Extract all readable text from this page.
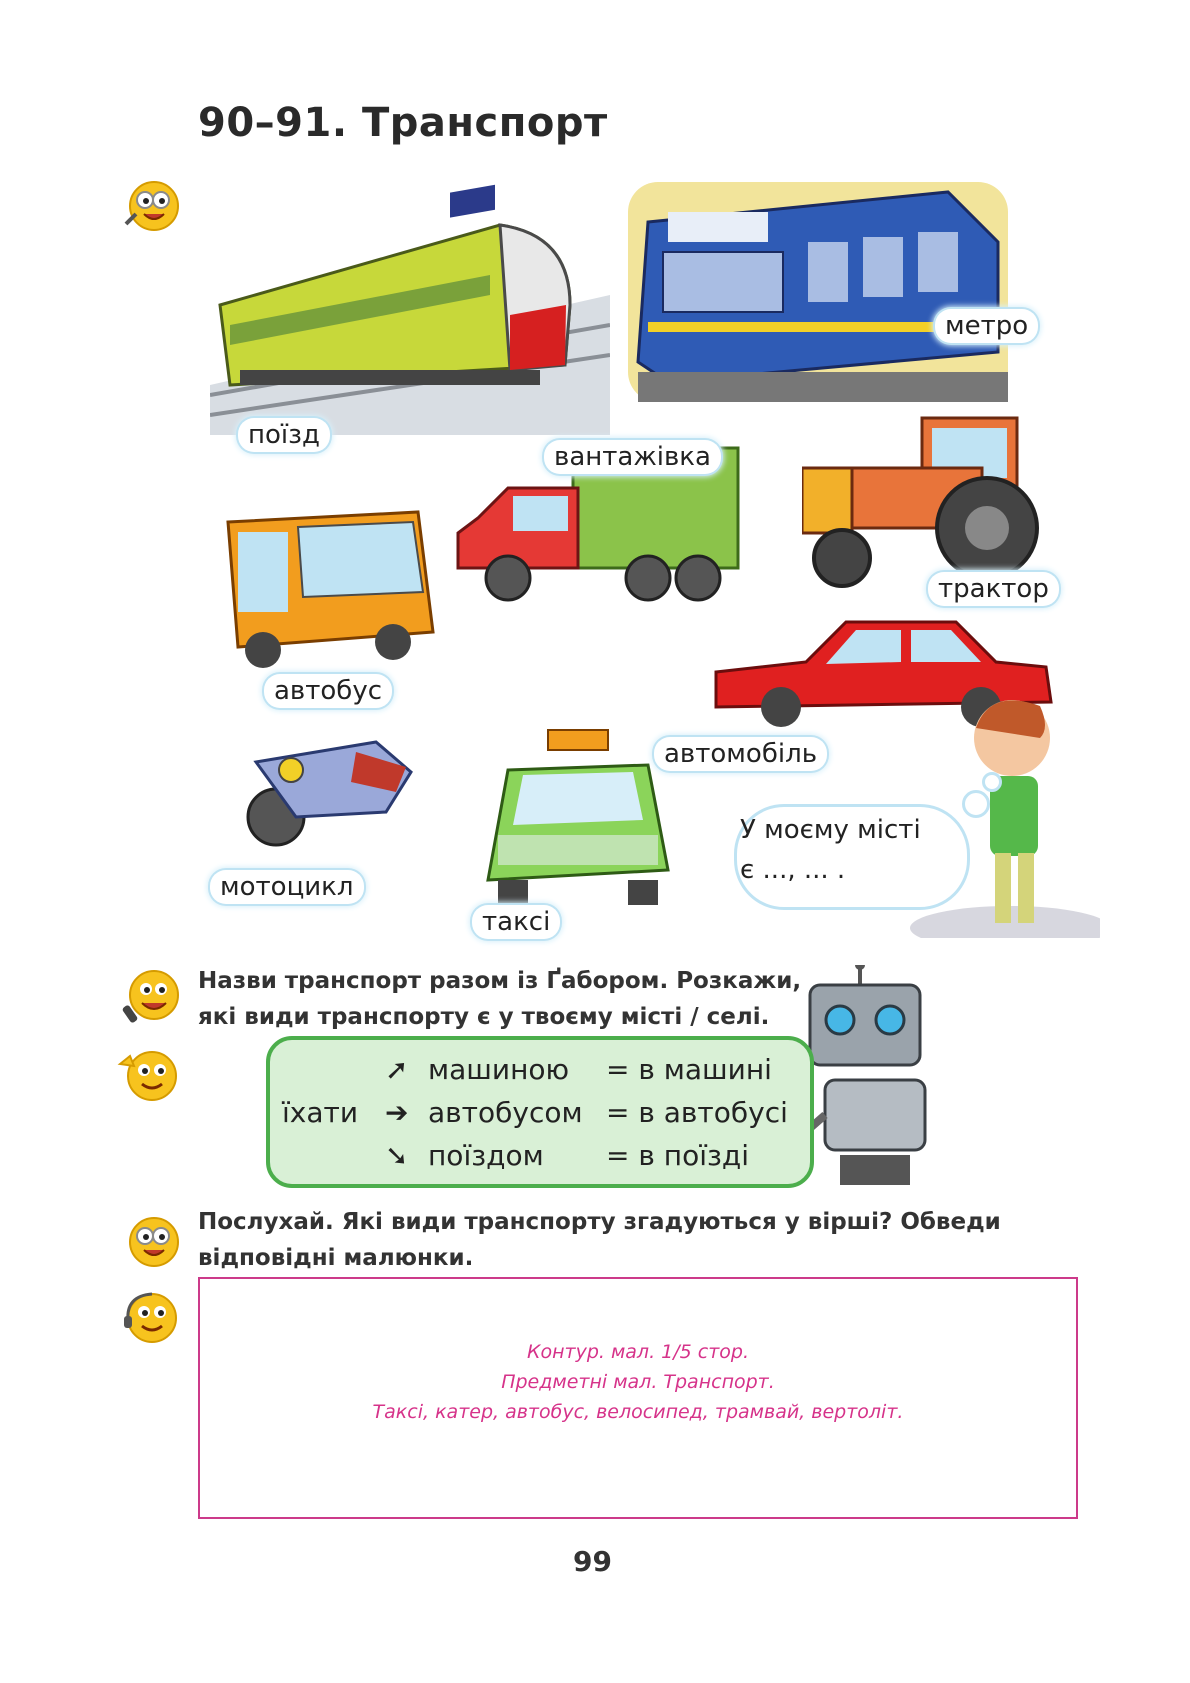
90–91. Транспорт
метро
поїзд
вантажівка
трактор
автобус
автомобіль
мотоцикл
таксі
У моєму місті
є ..., ... .
Назви транспорт разом із Ґабором. Розкажи,
які види транспорту є у твоєму місті / селі.
їхати
➚ машиною = в машині
➔ автобусом = в автобусі
➘ поїздом = в поїзді
Послухай. Які види транспорту згадуються у вірші? Обведи
відповідні малюнки.
Контур. мал. 1/5 стор.
Предметні мал. Транспорт.
Таксі, катер, автобус, велосипед, трамвай, вертоліт.
99
